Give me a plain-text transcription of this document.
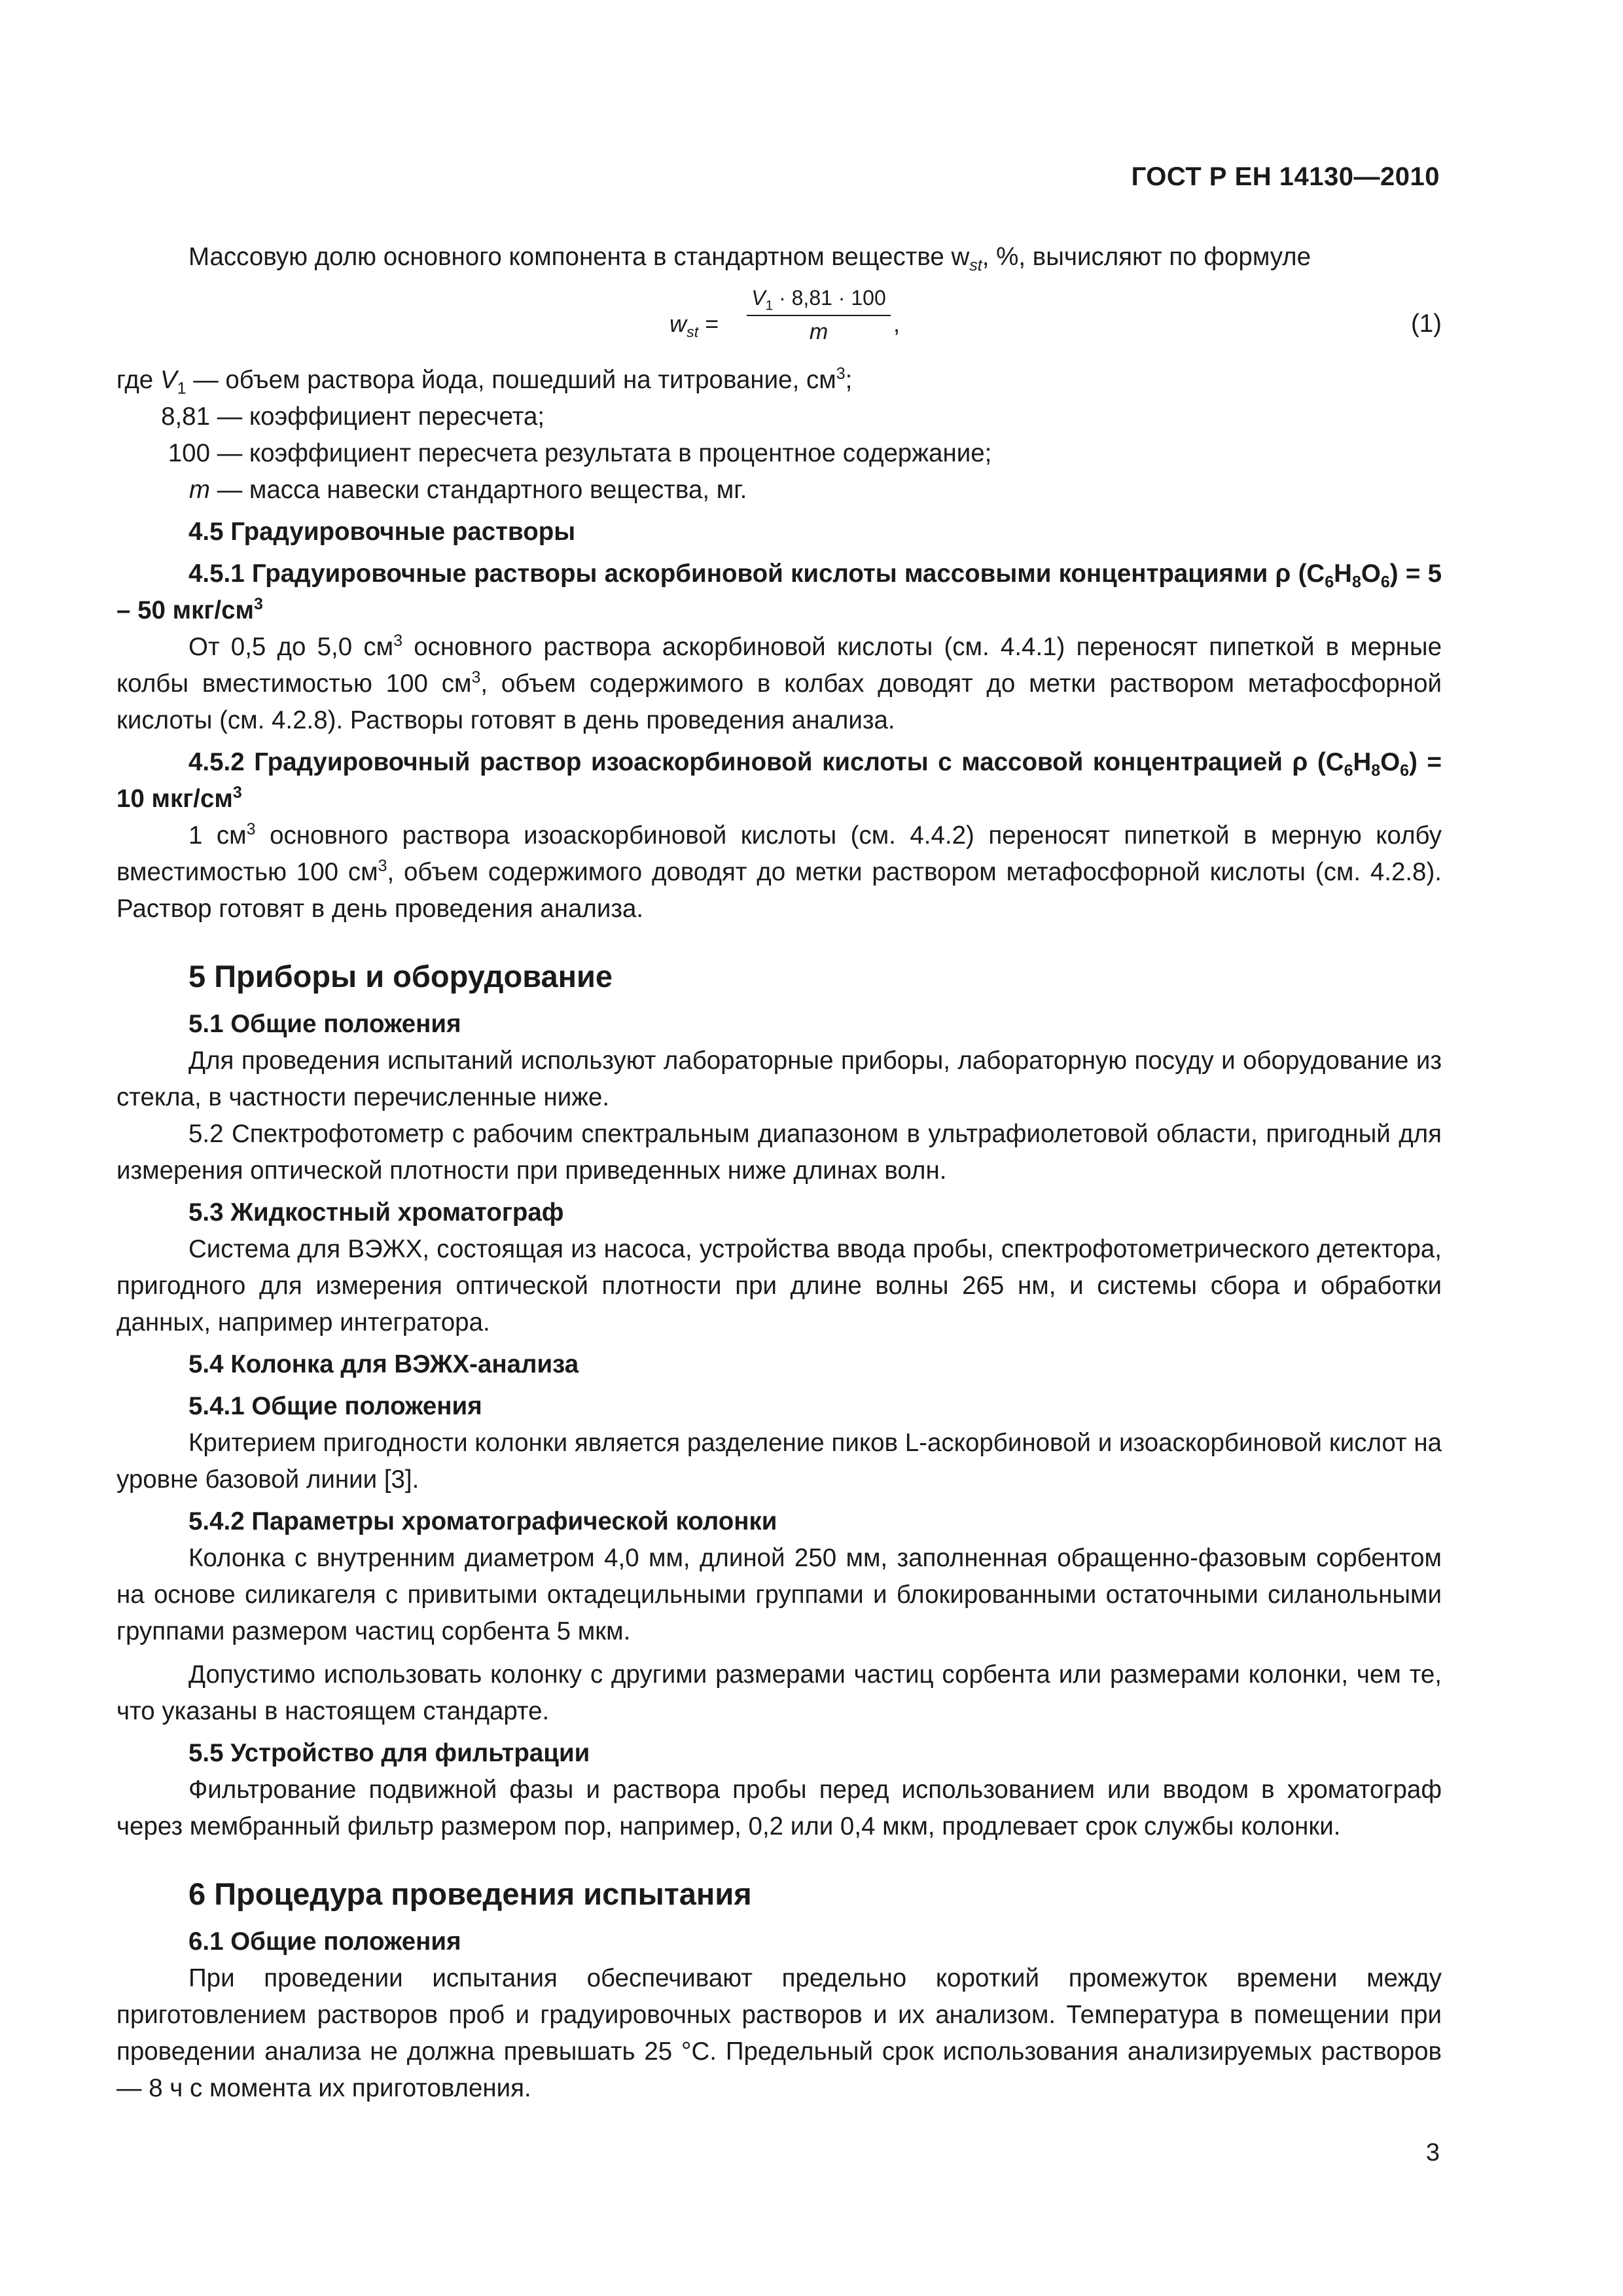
ГОСТ Р ЕН 14130—2010

Массовую долю основного компонента в стандартном веществе $w_{st}$, %, вычисляют по формуле

$w_{st}$ =
$V_1 \cdot 8,81 \cdot 100$
m	,	(1)
где $V_1$ — объем раствора йода, пошедший на титрование, $см^3$;
8,81 — коэффициент пересчета;
100 — коэффициент пересчета результата в процентное содержание;
m — масса навески стандартного вещества, мг.

4.5 Градуировочные растворы

4.5.1 Градуировочные растворы аскорбиновой кислоты массовыми концентрациями ρ $(C_6H_8O_6) = 5 - 50$ мкг/$см^3$

От 0,5 до 5,0 $см^3$ основного раствора аскорбиновой кислоты (см. 4.4.1) переносят пипеткой в мерные колбы вместимостью 100 $см^3$, объем содержимого в колбах доводят до метки раствором метафосфорной кислоты (см. 4.2.8). Растворы готовят в день проведения анализа.

4.5.2 Градуировочный раствор изоаскорбиновой кислоты с массовой концентрацией ρ $(C_6H_8O_6) = 10$ мкг/$см^3$

1 $см^3$ основного раствора изоаскорбиновой кислоты (см. 4.4.2) переносят пипеткой в мерную колбу вместимостью 100 $см^3$, объем содержимого доводят до метки раствором метафосфорной кислоты (см. 4.2.8). Раствор готовят в день проведения анализа.

5 Приборы и оборудование

5.1 Общие положения

Для проведения испытаний используют лабораторные приборы, лабораторную посуду и оборудование из стекла, в частности перечисленные ниже.

5.2 Спектрофотометр с рабочим спектральным диапазоном в ультрафиолетовой области, пригодный для измерения оптической плотности при приведенных ниже длинах волн.

5.3 Жидкостный хроматограф

Система для ВЭЖХ, состоящая из насоса, устройства ввода пробы, спектрофотометрического детектора, пригодного для измерения оптической плотности при длине волны 265 нм, и системы сбора и обработки данных, например интегратора.

5.4 Колонка для ВЭЖХ-анализа

5.4.1 Общие положения

Критерием пригодности колонки является разделение пиков L-аскорбиновой и изоаскорбиновой кислот на уровне базовой линии [3].

5.4.2 Параметры хроматографической колонки

Колонка с внутренним диаметром 4,0 мм, длиной 250 мм, заполненная обращенно-фазовым сорбентом на основе силикагеля с привитыми октадецильными группами и блокированными остаточными силанольными группами размером частиц сорбента 5 мкм.

Допустимо использовать колонку с другими размерами частиц сорбента или размерами колонки, чем те, что указаны в настоящем стандарте.

5.5 Устройство для фильтрации

Фильтрование подвижной фазы и раствора пробы перед использованием или вводом в хроматограф через мембранный фильтр размером пор, например, 0,2 или 0,4 мкм, продлевает срок службы колонки.

6 Процедура проведения испытания

6.1 Общие положения

При проведении испытания обеспечивают предельно короткий промежуток времени между приготовлением растворов проб и градуировочных растворов и их анализом. Температура в помещении при проведении анализа не должна превышать 25 °C. Предельный срок использования анализируемых растворов — 8 ч с момента их приготовления.

3
